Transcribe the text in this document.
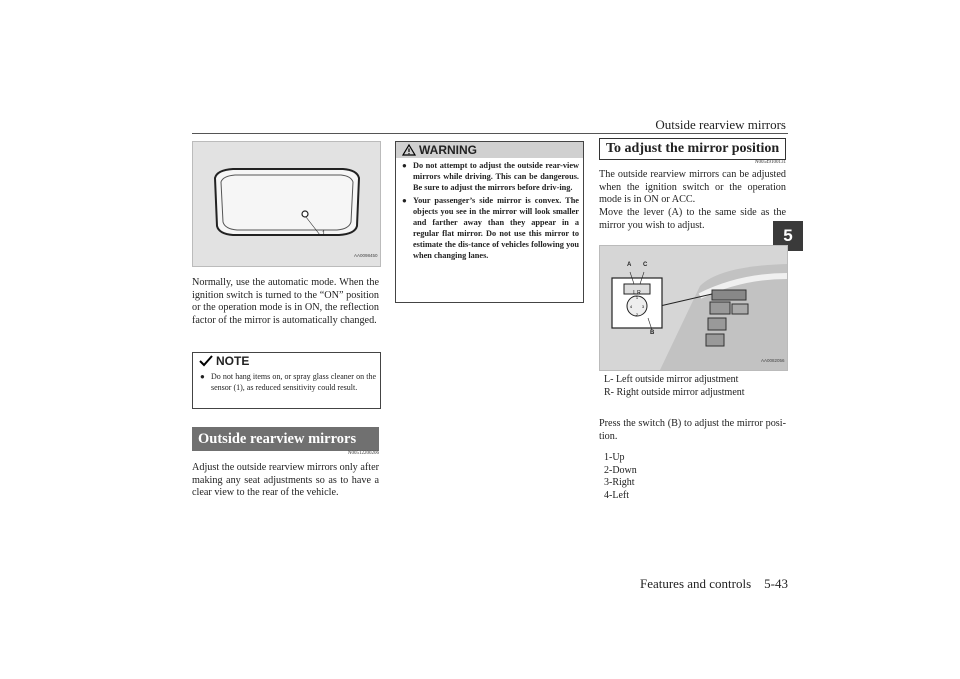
Outside rearview mirrors
5
1
AA0098450
Normally, use the automatic mode. When the ignition switch is turned to the “ON” position or the operation mode is in ON, the reflection factor of the mirror is automatically changed.
NOTE
● Do not hang items on, or spray glass cleaner on the sensor (1), as reduced sensitivity could result.
Outside rearview mirrors
N00512200206
Adjust the outside rearview mirrors only after making any seat adjustments so as to have a clear view to the rear of the vehicle.
WARNING
● Do not attempt to adjust the outside rear-view mirrors while driving. This can be dangerous. Be sure to adjust the mirrors before driv-ing.
● Your passenger’s side mirror is convex. The objects you see in the mirror will look smaller and farther away than they appear in a regular flat mirror. Do not use this mirror to estimate the dis-tance of vehicles following you when changing lanes.
To adjust the mirror position
N00549100131
The outside rearview mirrors can be adjusted when the ignition switch or the operation mode is in ON or ACC.
Move the lever (A) to the same side as the mirror you wish to adjust.
L R
1
2
4 3
A C
B
AA0082056
L- Left outside mirror adjustment
R- Right outside mirror adjustment
Press the switch (B) to adjust the mirror posi-tion.
1-Up
2-Down
3-Right
4-Left
Features and controls    5-43
